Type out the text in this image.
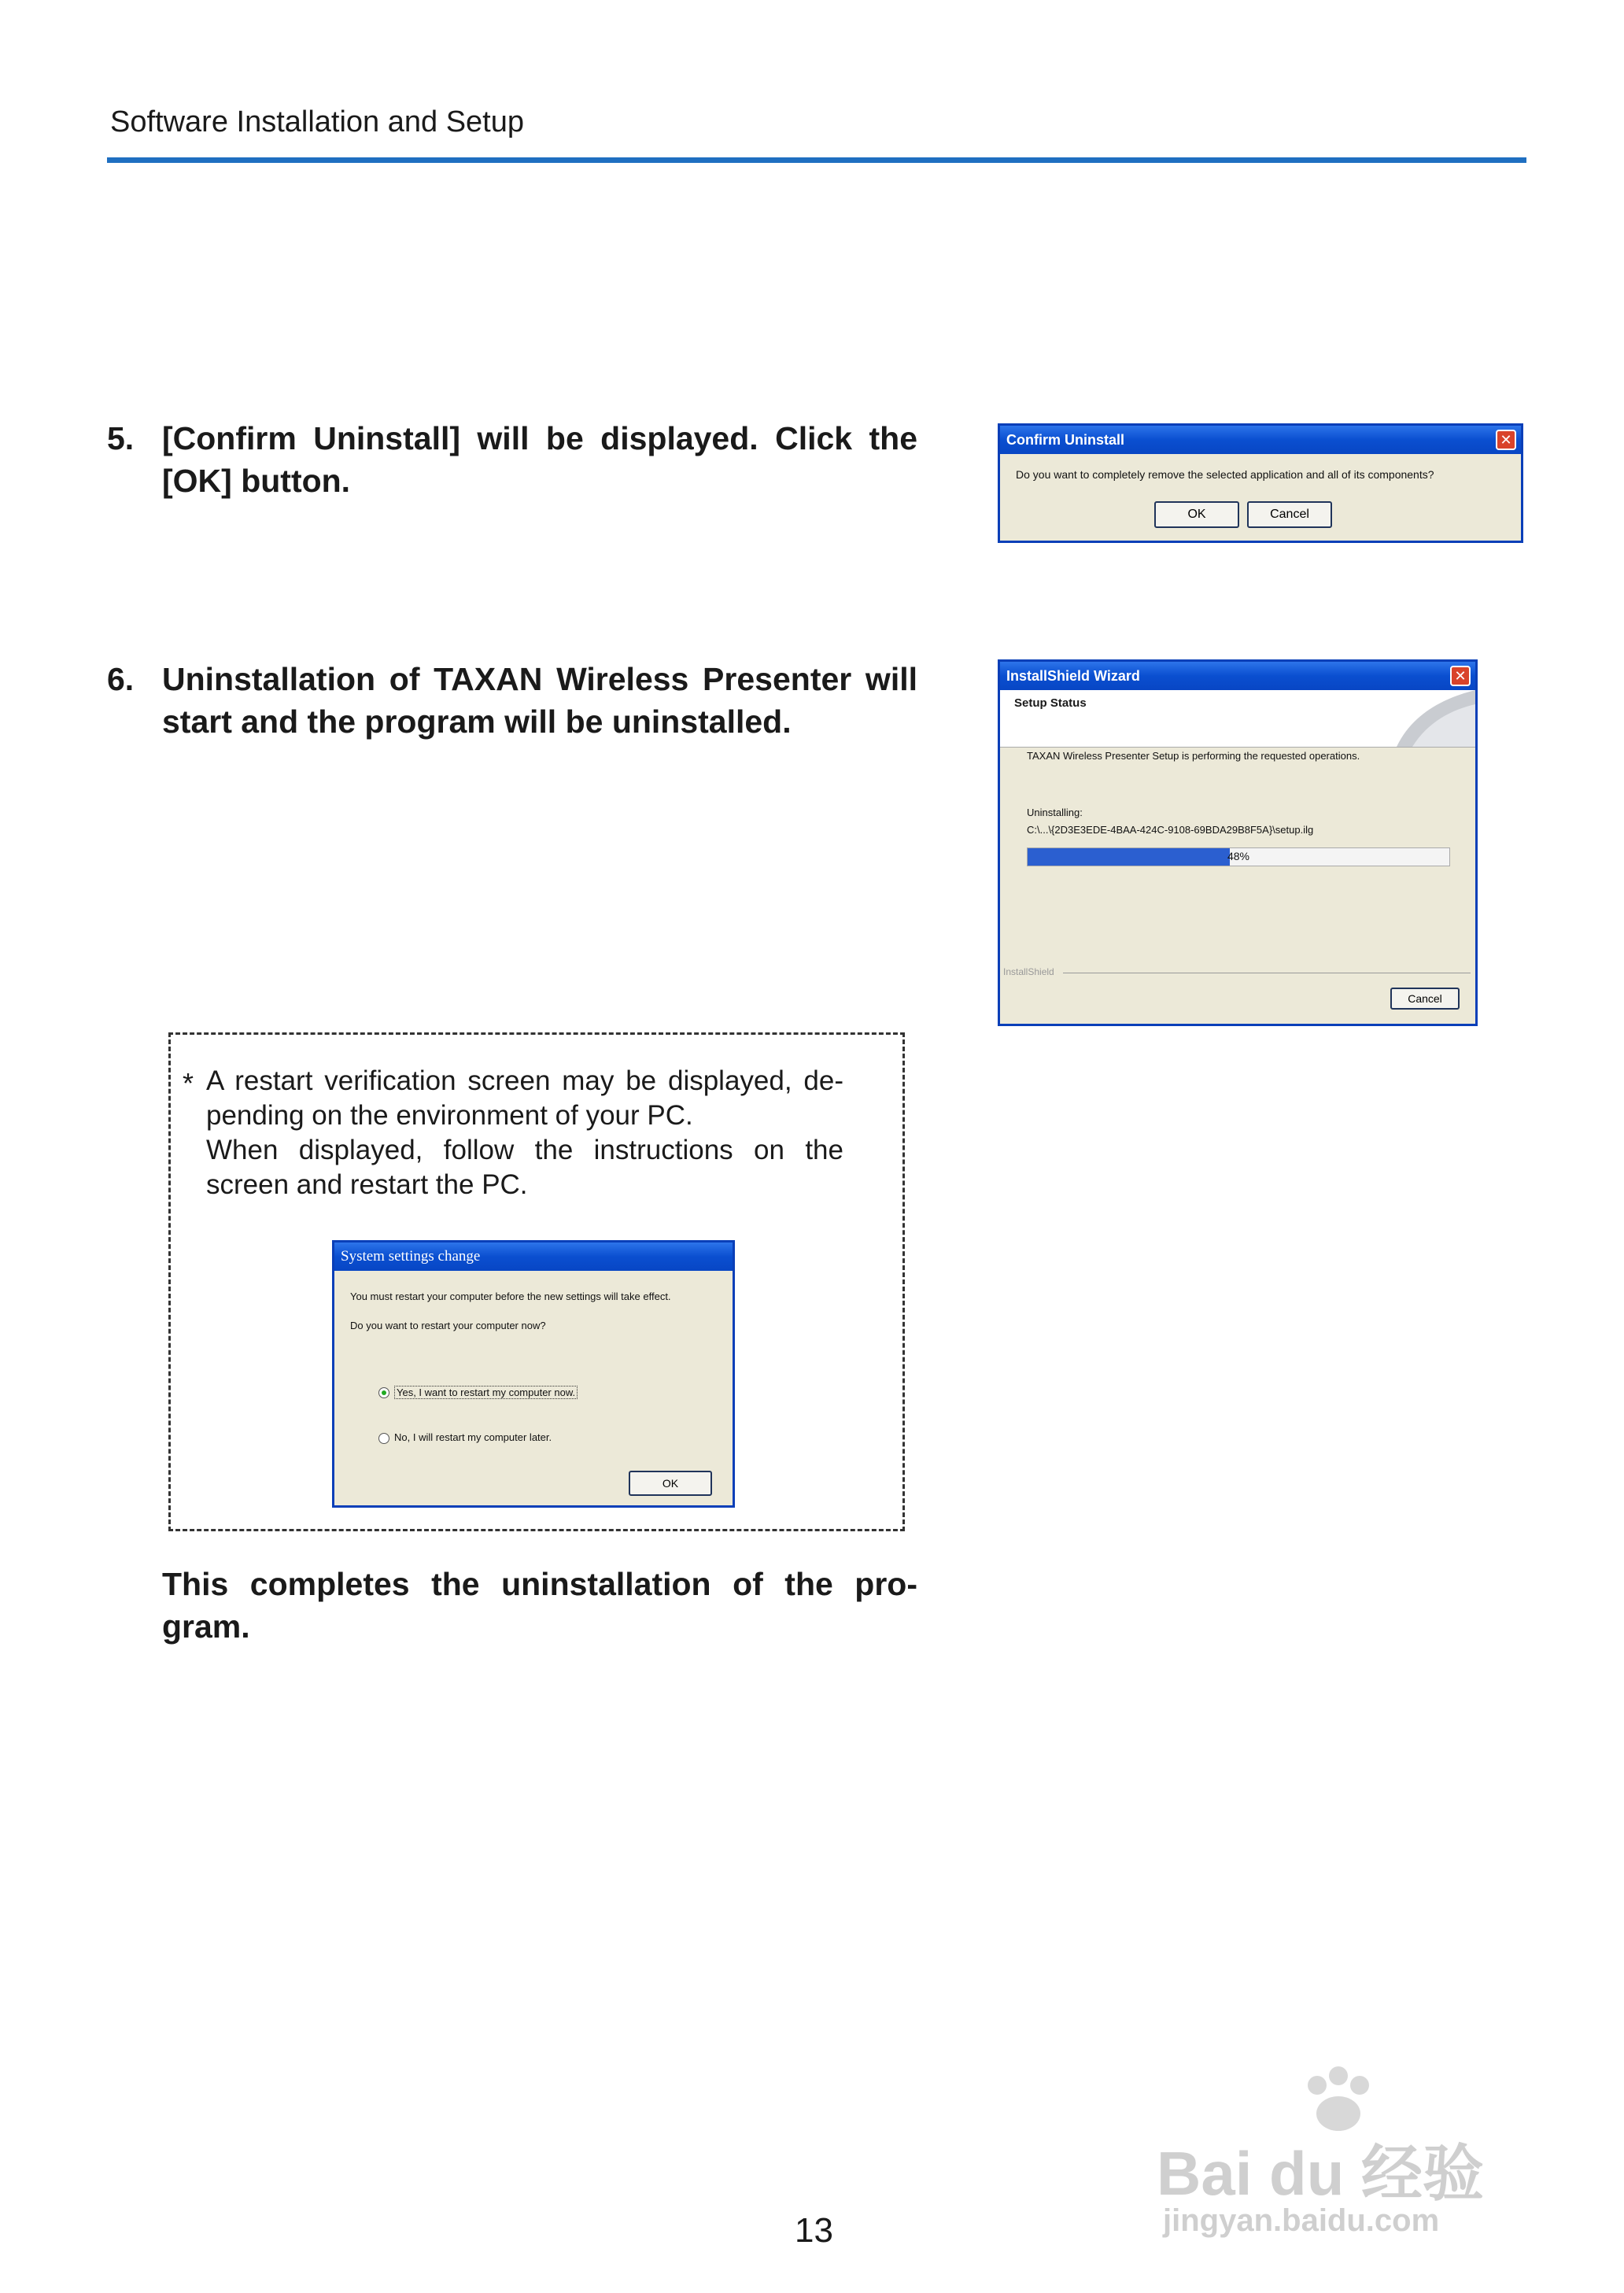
Software Installation and Setup
5. [Confirm Uninstall] will be displayed. Click the [OK] button.
Confirm Uninstall	✕
Do you want to completely remove the selected application and all of its components?
OK	Cancel
6. Uninstallation of TAXAN Wireless Presenter will start and the program will be uninstalled.
InstallShield Wizard	✕
Setup Status
TAXAN Wireless Presenter Setup is performing the requested operations.
Uninstalling:
C:\...\{2D3E3EDE-4BAA-424C-9108-69BDA29B8F5A}\setup.ilg
48%
InstallShield
Cancel
* A restart verification screen may be displayed, de-pending on the environment of your PC.
When displayed, follow the instructions on the screen and restart the PC.
System settings change
You must restart your computer before the new settings will take effect.
Do you want to restart your computer now?
Yes, I want to restart my computer now.
No, I will restart my computer later.
OK
This completes the uninstallation of the pro-gram.
Bai du 经验
jingyan.baidu.com
13
